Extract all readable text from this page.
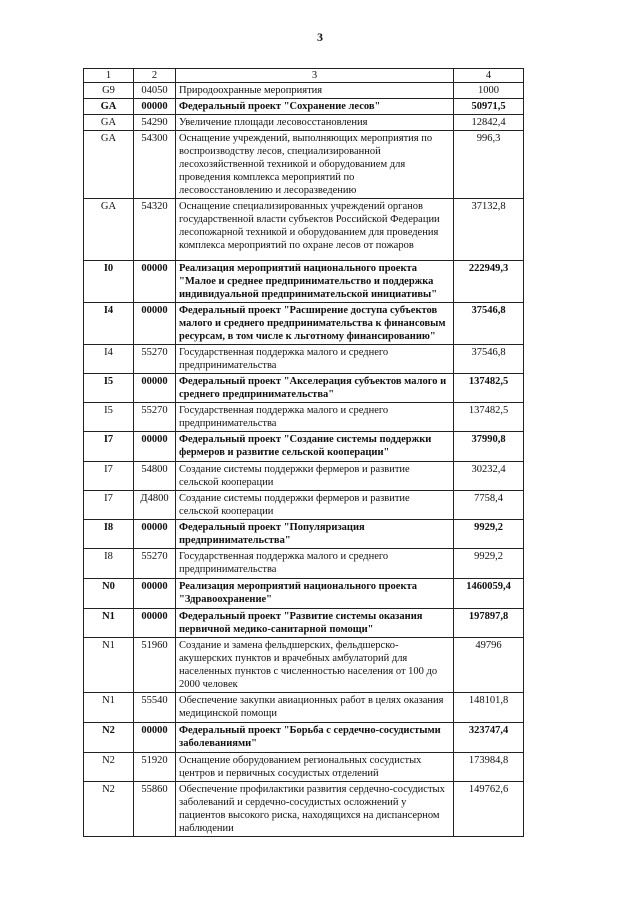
3
1	2	3	4
G9	04050	Природоохранные мероприятия	1000
GA	00000	Федеральный проект "Сохранение лесов"	50971,5
GA	54290	Увеличение площади лесовосстановления	12842,4
GA	54300	Оснащение учреждений, выполняющих мероприятия по воспроизводству лесов, специализированной лесохозяйственной техникой и оборудованием для проведения комплекса мероприятий по лесовосстановлению и лесоразведению	996,3
GA	54320	Оснащение специализированных учреждений органов государственной власти субъектов Российской Федерации лесопожарной техникой и оборудованием для проведения комплекса мероприятий по охране лесов от пожаров	37132,8
I0	00000	Реализация мероприятий национального проекта "Малое и среднее предпринимательство и поддержка индивидуальной предпринимательской инициативы"	222949,3
I4	00000	Федеральный проект "Расширение доступа субъектов малого и среднего предпринимательства к финансовым ресурсам, в том числе к льготному финансированию"	37546,8
I4	55270	Государственная поддержка малого и среднего предпринимательства	37546,8
I5	00000	Федеральный проект "Акселерация субъектов малого и среднего предпринимательства"	137482,5
I5	55270	Государственная поддержка малого и среднего предпринимательства	137482,5
I7	00000	Федеральный проект "Создание системы поддержки фермеров и развитие сельской кооперации"	37990,8
I7	54800	Создание системы поддержки фермеров и развитие сельской кооперации	30232,4
I7	Д4800	Создание системы поддержки фермеров и развитие сельской кооперации	7758,4
I8	00000	Федеральный проект "Популяризация предпринимательства"	9929,2
I8	55270	Государственная поддержка малого и среднего предпринимательства	9929,2
N0	00000	Реализация мероприятий национального проекта "Здравоохранение"	1460059,4
N1	00000	Федеральный проект "Развитие системы оказания первичной медико-санитарной помощи"	197897,8
N1	51960	Создание и замена фельдшерских, фельдшерско-акушерских пунктов и врачебных амбулаторий для населенных пунктов с численностью населения от 100 до 2000 человек	49796
N1	55540	Обеспечение закупки авиационных работ в целях оказания медицинской помощи	148101,8
N2	00000	Федеральный проект "Борьба с сердечно-сосудистыми заболеваниями"	323747,4
N2	51920	Оснащение оборудованием региональных сосудистых центров и первичных сосудистых отделений	173984,8
N2	55860	Обеспечение профилактики развития сердечно-сосудистых заболеваний и сердечно-сосудистых осложнений у пациентов высокого риска, находящихся на диспансерном наблюдении	149762,6
